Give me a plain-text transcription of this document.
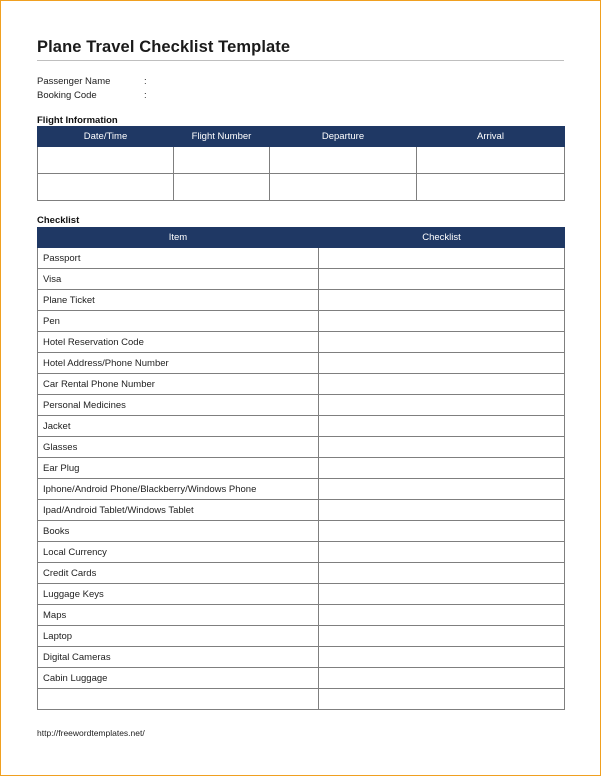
Plane Travel Checklist Template
Passenger Name	:
Booking Code	:
Flight Information
Date/Time	Flight Number	Departure	Arrival

Checklist
Item	Checklist
Passport	
Visa	
Plane Ticket	
Pen	
Hotel Reservation Code	
Hotel Address/Phone Number	
Car Rental Phone Number	
Personal Medicines	
Jacket	
Glasses	
Ear Plug	
Iphone/Android Phone/Blackberry/Windows Phone	
Ipad/Android Tablet/Windows Tablet	
Books	
Local Currency	
Credit Cards	
Luggage Keys	
Maps	
Laptop	
Digital Cameras	
Cabin Luggage	

http://freewordtemplates.net/
